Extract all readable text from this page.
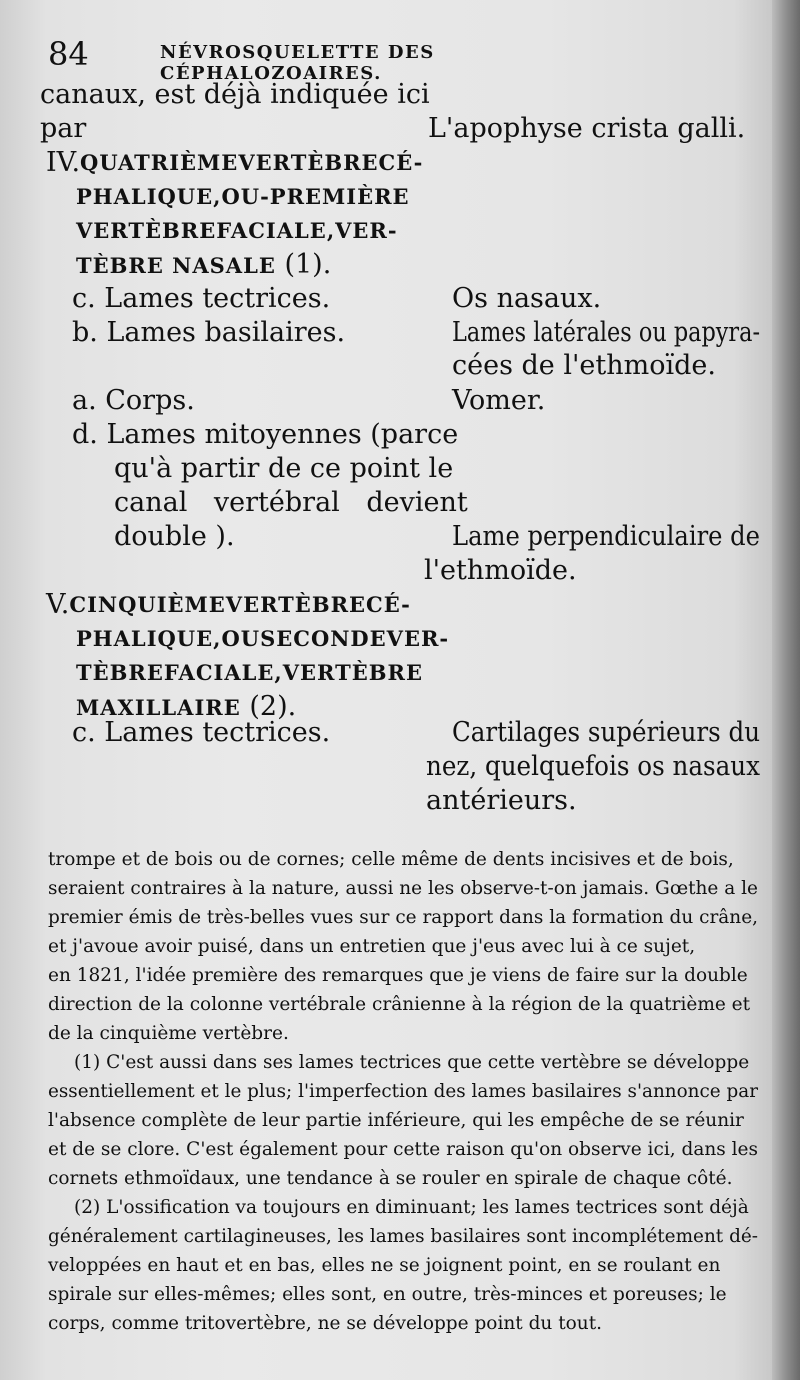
84	NÉVROSQUELETTE DES CÉPHALOZOAIRES.
canaux, est déjà indiquée ici
par	L'apophyse crista galli.
IV. QUATRIÈME VERTÈBRE CÉ-
PHALIQUE , OU - PREMIÈRE
VERTÈBRE FACIALE , VER-
TÈBRE NASALE (1).
c. Lames tectrices.	Os nasaux.
b. Lames basilaires.	Lames latérales ou papyra-
cées de l'ethmoïde.
a. Corps.	Vomer.
d. Lames mitoyennes (parce
qu'à partir de ce point le
canal vertébral devient
double ).	Lame perpendiculaire de
l'ethmoïde.
V. CINQUIÈME VERTÈBRE CÉ-
PHALIQUE , OU SECONDE VER-
TÈBRE FACIALE , VERTÈBRE
MAXILLAIRE (2).
c. Lames tectrices.	Cartilages supérieurs du
nez, quelquefois os nasaux
antérieurs.
trompe et de bois ou de cornes; celle même de dents incisives et de bois,
seraient contraires à la nature, aussi ne les observe-t-on jamais. Gœthe a le
premier émis de très-belles vues sur ce rapport dans la formation du crâne,
et j'avoue avoir puisé, dans un entretien que j'eus avec lui à ce sujet,
en 1821, l'idée première des remarques que je viens de faire sur la double
direction de la colonne vertébrale crânienne à la région de la quatrième et
de la cinquième vertèbre.
(1) C'est aussi dans ses lames tectrices que cette vertèbre se développe
essentiellement et le plus; l'imperfection des lames basilaires s'annonce par
l'absence complète de leur partie inférieure, qui les empêche de se réunir
et de se clore. C'est également pour cette raison qu'on observe ici, dans les
cornets ethmoïdaux, une tendance à se rouler en spirale de chaque côté.
(2) L'ossification va toujours en diminuant; les lames tectrices sont déjà
généralement cartilagineuses, les lames basilaires sont incomplétement dé-
veloppées en haut et en bas, elles ne se joignent point, en se roulant en
spirale sur elles-mêmes; elles sont, en outre, très-minces et poreuses; le
corps, comme tritovertèbre, ne se développe point du tout.
